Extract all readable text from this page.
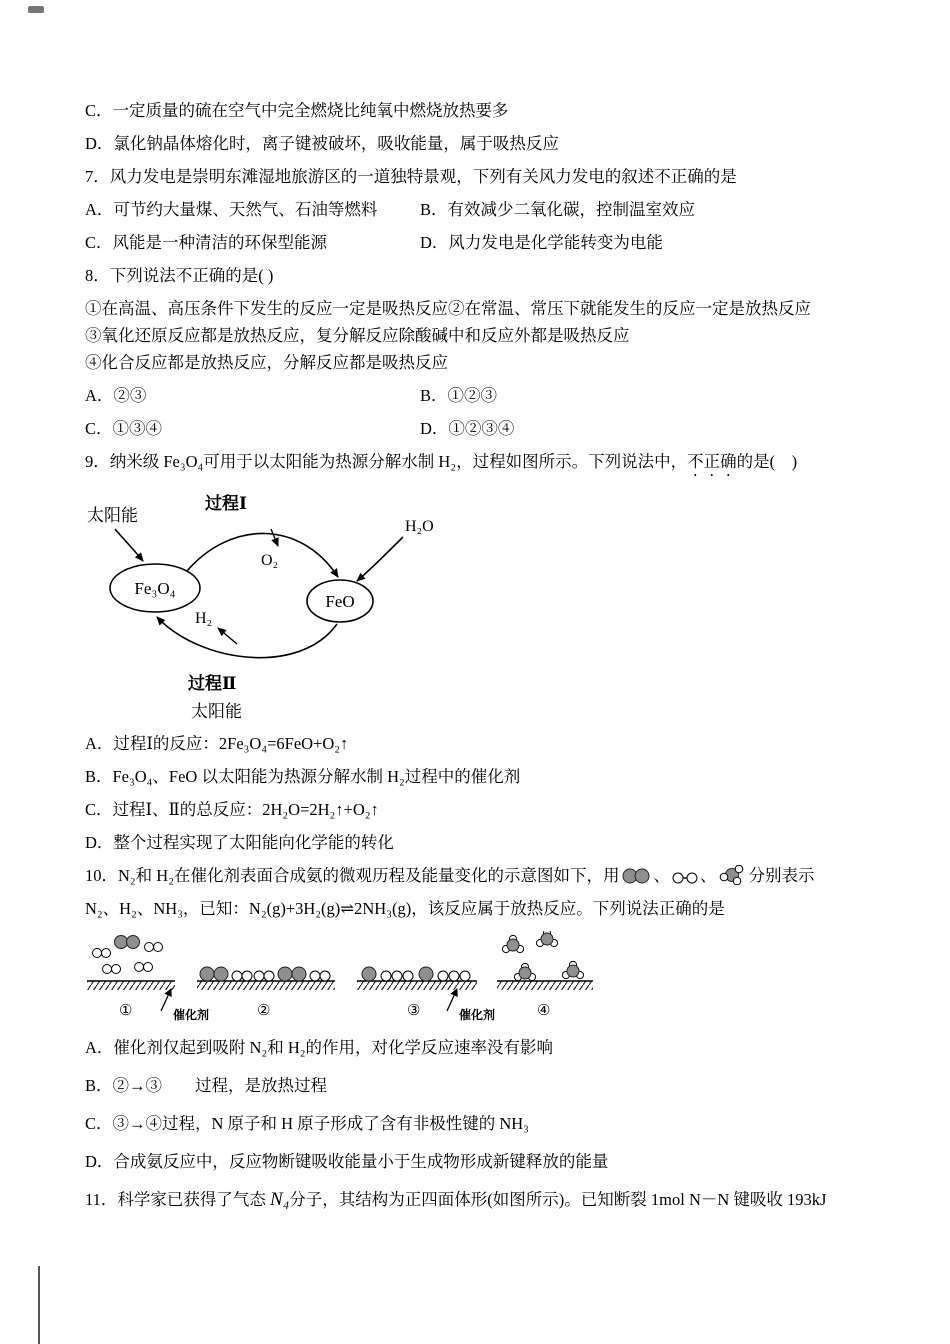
C．一定质量的硫在空气中完全燃烧比纯氧中燃烧放热要多

D．氯化钠晶体熔化时，离子键被破坏，吸收能量，属于吸热反应

7．风力发电是崇明东滩湿地旅游区的一道独特景观，下列有关风力发电的叙述不正确的是

A．可节约大量煤、天然气、石油等燃料	B．有效减少二氧化碳，控制温室效应
C．风能是一种清洁的环保型能源	D．风力发电是化学能转变为电能

8．下列说法不正确的是( )

①在高温、高压条件下发生的反应一定是吸热反应②在常温、常压下就能发生的反应一定是放热反应

③氧化还原反应都是放热反应，复分解反应除酸碱中和反应外都是吸热反应

④化合反应都是放热反应，分解反应都是吸热反应

A．②③	B．①②③
C．①③④	D．①②③④

9．纳米级 Fe₃O₄可用于以太阳能为热源分解水制 H₂，过程如图所示。下列说法中，不正确的是(　)

太阳能
过程Ⅰ
O₂
H₂O
Fe₃O₄
FeO
H₂
过程Ⅱ
太阳能

A．过程Ⅰ的反应：2Fe₃O₄=6FeO+O₂↑

B．Fe₃O₄、FeO 以太阳能为热源分解水制 H₂过程中的催化剂

C．过程Ⅰ、Ⅱ的总反应：2H₂O=2H₂↑+O₂↑

D．整个过程实现了太阳能向化学能的转化

10．N₂和 H₂在催化剂表面合成氨的微观历程及能量变化的示意图如下，用 、 、 分别表示

N₂、H₂、NH₃，已知：N₂(g)+3H₂(g)⇌2NH₃(g)，该反应属于放热反应。下列说法正确的是

①	催化剂	②	③	催化剂	④

A．催化剂仅起到吸附 N₂和 H₂的作用，对化学反应速率没有影响

B．②→③　　过程，是放热过程

C．③→④过程，N 原子和 H 原子形成了含有非极性键的 NH₃

D．合成氨反应中，反应物断键吸收能量小于生成物形成新键释放的能量

11．科学家已获得了气态 N₄分子，其结构为正四面体形(如图所示)。已知断裂 1mol N－N 键吸收 193kJ
